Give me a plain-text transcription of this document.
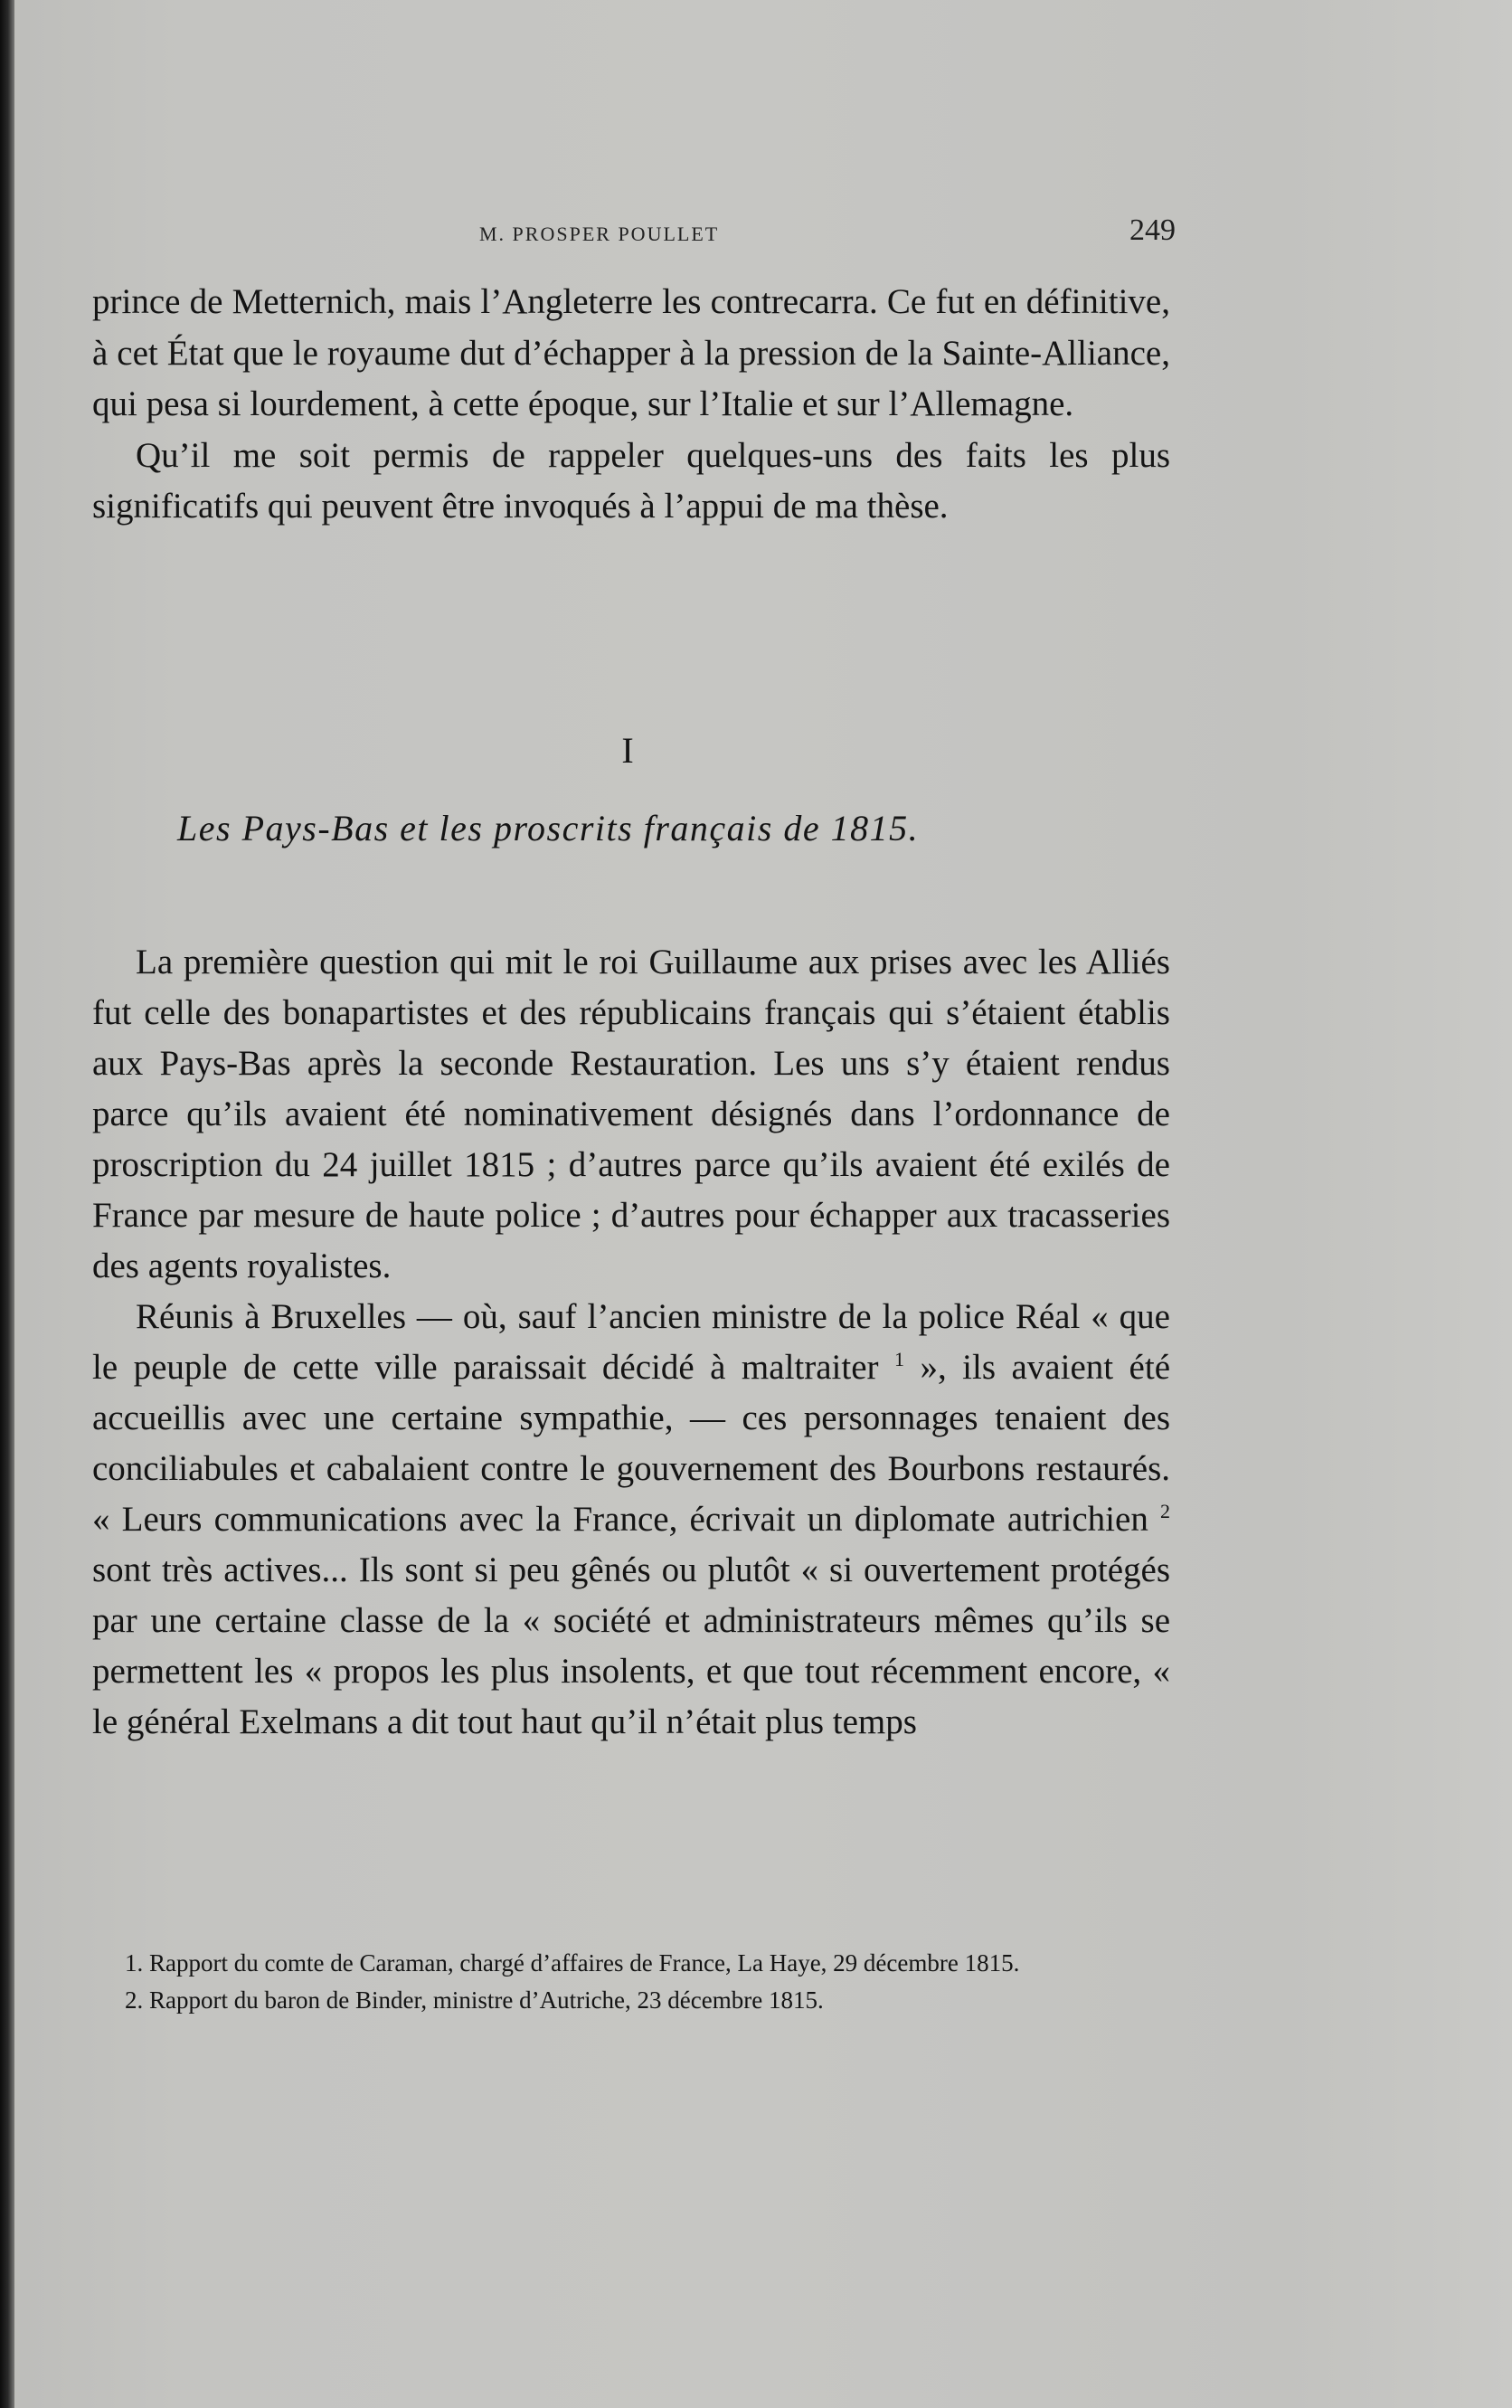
M. PROSPER POULLET	249

prince de Metternich, mais l’Angleterre les contrecarra. Ce fut en définitive, à cet État que le royaume dut d’échapper à la pression de la Sainte-Alliance, qui pesa si lourdement, à cette époque, sur l’Italie et sur l’Allemagne.

Qu’il me soit permis de rappeler quelques-uns des faits les plus significatifs qui peuvent être invoqués à l’appui de ma thèse.

I
Les Pays-Bas et les proscrits français de 1815.

La première question qui mit le roi Guillaume aux prises avec les Alliés fut celle des bonapartistes et des républicains français qui s’étaient établis aux Pays-Bas après la seconde Restauration. Les uns s’y étaient rendus parce qu’ils avaient été nominativement désignés dans l’ordonnance de proscription du 24 juillet 1815 ; d’autres parce qu’ils avaient été exilés de France par mesure de haute police ; d’autres pour échapper aux tracasseries des agents royalistes.

Réunis à Bruxelles — où, sauf l’ancien ministre de la police Réal « que le peuple de cette ville paraissait décidé à maltraiter $^1$ », ils avaient été accueillis avec une certaine sympathie, — ces personnages tenaient des conciliabules et cabalaient contre le gouvernement des Bourbons restaurés. « Leurs communications avec la France, écrivait un diplomate autrichien $^2$ sont très actives... Ils sont si peu gênés ou plutôt « si ouvertement protégés par une certaine classe de la « société et administrateurs mêmes qu’ils se permettent les « propos les plus insolents, et que tout récemment encore, « le général Exelmans a dit tout haut qu’il n’était plus temps

1. Rapport du comte de Caraman, chargé d’affaires de France, La Haye, 29 décembre 1815.

2. Rapport du baron de Binder, ministre d’Autriche, 23 décembre 1815.
